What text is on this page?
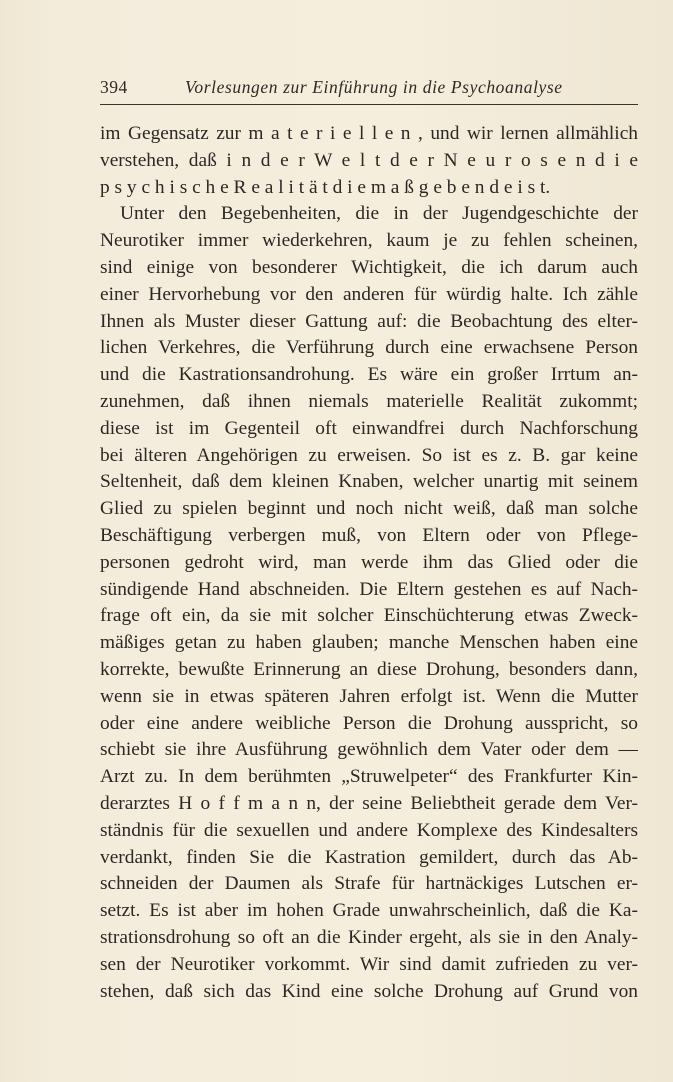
394	Vorlesungen zur Einführung in die Psychoanalyse
im Gegensatz zur m a t e r i e l l e n , und wir lernen allmählich
verstehen, daß i n d e r W e l t d e r N e u r o s e n d i e
p s y c h i s c h e R e a l i t ä t d i e m a ß g e b e n d e i s t.
Unter den Begebenheiten, die in der Jugendgeschichte der
Neurotiker immer wiederkehren, kaum je zu fehlen scheinen,
sind einige von besonderer Wichtigkeit, die ich darum auch
einer Hervorhebung vor den anderen für würdig halte. Ich zähle
Ihnen als Muster dieser Gattung auf: die Beobachtung des elter-
lichen Verkehres, die Verführung durch eine erwachsene Person
und die Kastrationsandrohung. Es wäre ein großer Irrtum an-
zunehmen, daß ihnen niemals materielle Realität zukommt;
diese ist im Gegenteil oft einwandfrei durch Nachforschung
bei älteren Angehörigen zu erweisen. So ist es z. B. gar keine
Seltenheit, daß dem kleinen Knaben, welcher unartig mit seinem
Glied zu spielen beginnt und noch nicht weiß, daß man solche
Beschäftigung verbergen muß, von Eltern oder von Pflege-
personen gedroht wird, man werde ihm das Glied oder die
sündigende Hand abschneiden. Die Eltern gestehen es auf Nach-
frage oft ein, da sie mit solcher Einschüchterung etwas Zweck-
mäßiges getan zu haben glauben; manche Menschen haben eine
korrekte, bewußte Erinnerung an diese Drohung, besonders dann,
wenn sie in etwas späteren Jahren erfolgt ist. Wenn die Mutter
oder eine andere weibliche Person die Drohung ausspricht, so
schiebt sie ihre Ausführung gewöhnlich dem Vater oder dem —
Arzt zu. In dem berühmten „Struwelpeter“ des Frankfurter Kin-
derarztes H o f f m a n n, der seine Beliebtheit gerade dem Ver-
ständnis für die sexuellen und andere Komplexe des Kindesalters
verdankt, finden Sie die Kastration gemildert, durch das Ab-
schneiden der Daumen als Strafe für hartnäckiges Lutschen er-
setzt. Es ist aber im hohen Grade unwahrscheinlich, daß die Ka-
strationsdrohung so oft an die Kinder ergeht, als sie in den Analy-
sen der Neurotiker vorkommt. Wir sind damit zufrieden zu ver-
stehen, daß sich das Kind eine solche Drohung auf Grund von
